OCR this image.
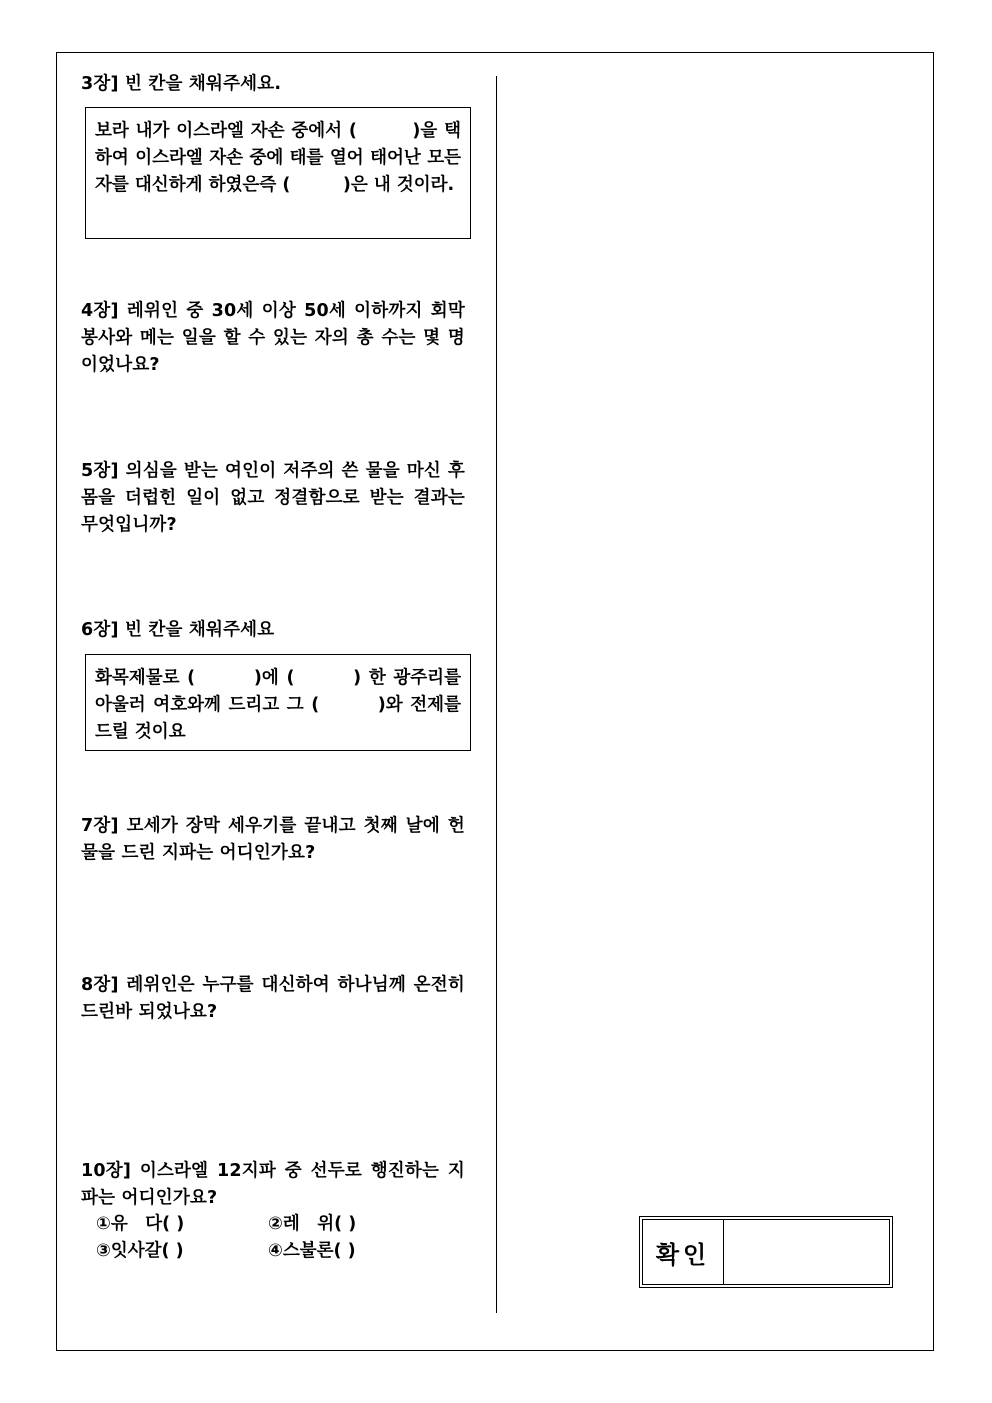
3장] 빈 칸을 채워주세요.

보라 내가 이스라엘 자손 중에서 (　　　)을 택하여 이스라엘 자손 중에 태를 열어 태어난 모든 자를 대신하게 하였은즉 (　　　)은 내 것이라.

4장] 레위인 중 30세 이상 50세 이하까지 회막 봉사와 메는 일을 할 수 있는 자의 총 수는 몇 명이었나요?

5장] 의심을 받는 여인이 저주의 쓴 물을 마신 후 몸을 더럽힌 일이 없고 정결함으로 받는 결과는 무엇입니까?

6장] 빈 칸을 채워주세요

화목제물로 (　　　)에 (　　　) 한 광주리를 아울러 여호와께 드리고 그 (　　　)와 전제를 드릴 것이요

7장] 모세가 장막 세우기를 끝내고 첫째 날에 헌물을 드린 지파는 어디인가요?

8장] 레위인은 누구를 대신하여 하나님께 온전히 드린바 되었나요?

10장] 이스라엘 12지파 중 선두로 행진하는 지파는 어디인가요?

①유　다( )	②레　위( )
③잇사갈( )	④스불론( )	확인
